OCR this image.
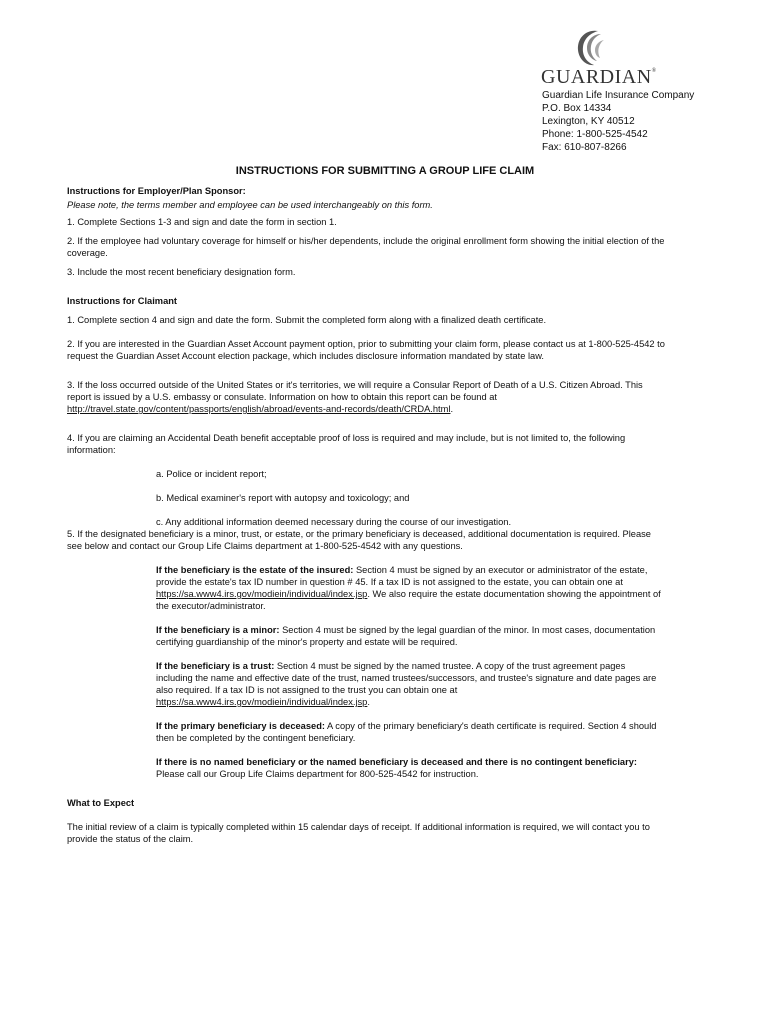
GUARDIAN®
Guardian Life Insurance Company
P.O. Box 14334
Lexington, KY 40512
Phone: 1-800-525-4542
Fax: 610-807-8266
INSTRUCTIONS FOR SUBMITTING A GROUP LIFE CLAIM

Instructions for Employer/Plan Sponsor:

Please note, the terms member and employee can be used interchangeably on this form.

1. Complete Sections 1-3 and sign and date the form in section 1.

2. If the employee had voluntary coverage for himself or his/her dependents, include the original enrollment form showing the initial election of the coverage.

3. Include the most recent beneficiary designation form.

Instructions for Claimant

1. Complete section 4 and sign and date the form. Submit the completed form along with a finalized death certificate.

2. If you are interested in the Guardian Asset Account payment option, prior to submitting your claim form, please contact us at 1-800-525-4542 to request the Guardian Asset Account election package, which includes disclosure information mandated by state law.

3. If the loss occurred outside of the United States or it's territories, we will require a Consular Report of Death of a U.S. Citizen Abroad. This report is issued by a U.S. embassy or consulate. Information on how to obtain this report can be found at http://travel.state.gov/content/passports/english/abroad/events-and-records/death/CRDA.html.

4. If you are claiming an Accidental Death benefit acceptable proof of loss is required and may include, but is not limited to, the following information:

a. Police or incident report;

b. Medical examiner's report with autopsy and toxicology; and

c. Any additional information deemed necessary during the course of our investigation.

5. If the designated beneficiary is a minor, trust, or estate, or the primary beneficiary is deceased, additional documentation is required. Please see below and contact our Group Life Claims department at 1-800-525-4542 with any questions.

If the beneficiary is the estate of the insured: Section 4 must be signed by an executor or administrator of the estate, provide the estate's tax ID number in question # 45. If a tax ID is not assigned to the estate, you can obtain one at https://sa.www4.irs.gov/modiein/individual/index.jsp. We also require the estate documentation showing the appointment of the executor/administrator.

If the beneficiary is a minor: Section 4 must be signed by the legal guardian of the minor. In most cases, documentation certifying guardianship of the minor's property and estate will be required.

If the beneficiary is a trust: Section 4 must be signed by the named trustee. A copy of the trust agreement pages including the name and effective date of the trust, named trustees/successors, and trustee's signature and date pages are also required. If a tax ID is not assigned to the trust you can obtain one at https://sa.www4.irs.gov/modiein/individual/index.jsp.

If the primary beneficiary is deceased: A copy of the primary beneficiary's death certificate is required. Section 4 should then be completed by the contingent beneficiary.

If there is no named beneficiary or the named beneficiary is deceased and there is no contingent beneficiary: Please call our Group Life Claims department for 800-525-4542 for instruction.

What to Expect

The initial review of a claim is typically completed within 15 calendar days of receipt. If additional information is required, we will contact you to provide the status of the claim.
